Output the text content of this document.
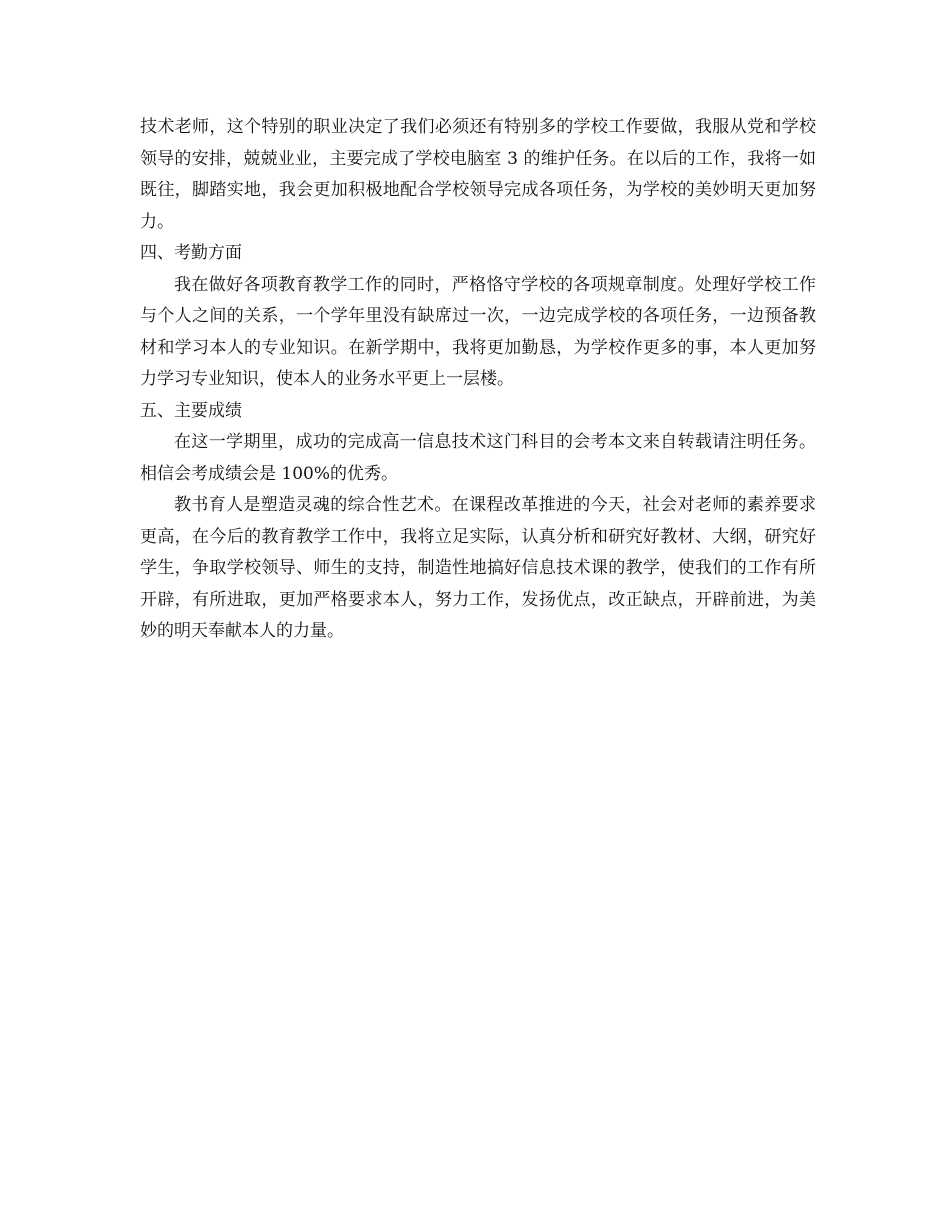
技术老师，这个特别的职业决定了我们必须还有特别多的学校工作要做，我服从党和学校领导的安排，兢兢业业，主要完成了学校电脑室 3 的维护任务。在以后的工作，我将一如既往，脚踏实地，我会更加积极地配合学校领导完成各项任务，为学校的美妙明天更加努力。

四、考勤方面

我在做好各项教育教学工作的同时，严格恪守学校的各项规章制度。处理好学校工作与个人之间的关系，一个学年里没有缺席过一次，一边完成学校的各项任务，一边预备教材和学习本人的专业知识。在新学期中，我将更加勤恳，为学校作更多的事，本人更加努力学习专业知识，使本人的业务水平更上一层楼。

五、主要成绩

在这一学期里，成功的完成高一信息技术这门科目的会考本文来自转载请注明任务。相信会考成绩会是 100%的优秀。

教书育人是塑造灵魂的综合性艺术。在课程改革推进的今天，社会对老师的素养要求更高，在今后的教育教学工作中，我将立足实际，认真分析和研究好教材、大纲，研究好学生，争取学校领导、师生的支持，制造性地搞好信息技术课的教学，使我们的工作有所开辟，有所进取，更加严格要求本人，努力工作，发扬优点，改正缺点，开辟前进，为美妙的明天奉献本人的力量。
